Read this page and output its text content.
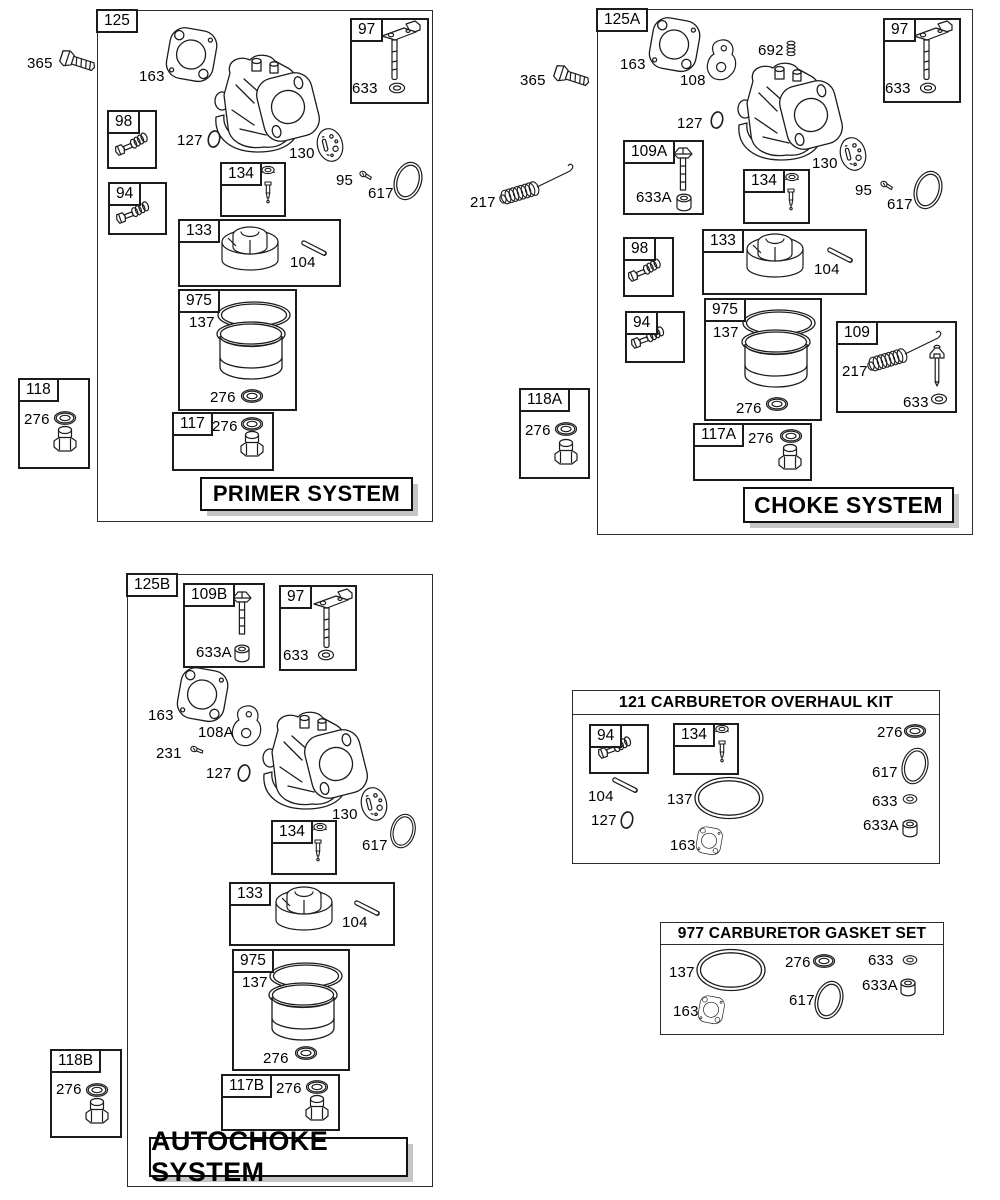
125
97
98
94
134
133
975
117
118
PRIMER SYSTEM
365
163
127
130
95
617
633
104
137
276
276
276
125A
97
109A
134
98	133
94
975
109
117A
118A
CHOKE SYSTEM
365
217
163
108
692
127
130
95
617
633
633A
104
137
276
217
633
276
276
125B
109B	97
134
133
975
117B
118B
AUTOCHOKE SYSTEM
633A	633
163
108A
231
127
130
617
104
137
276
276
276
121 CARBURETOR OVERHAUL KIT
94	134
104
127
137
163
276
617
633
633A
977 CARBURETOR GASKET SET
137
163
276
617
633
633A
